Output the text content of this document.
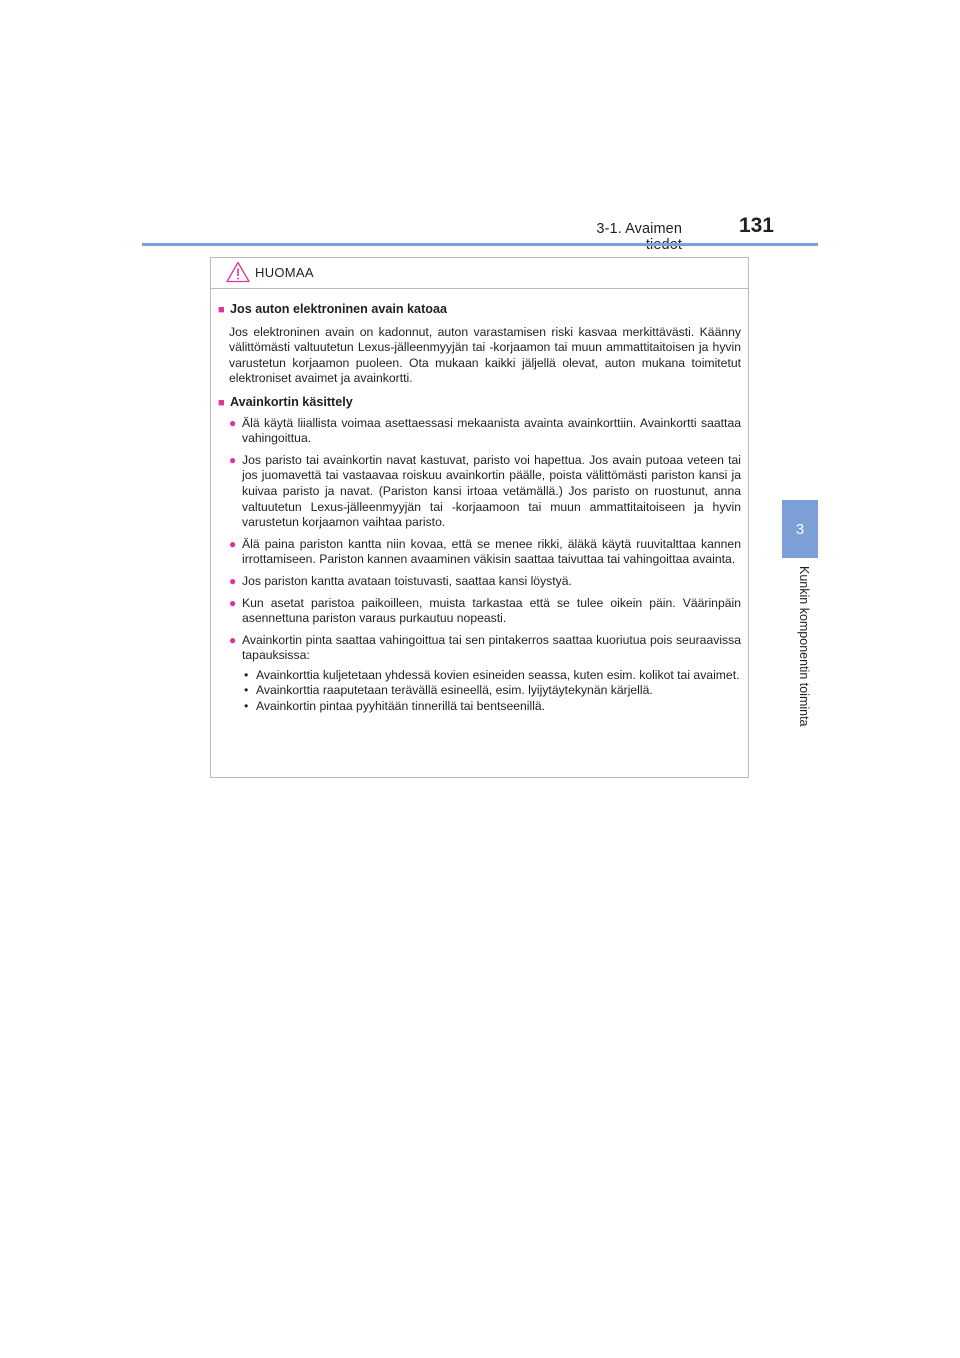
3-1. Avaimen	131
3
Kunkin komponentin toiminta
HUOMAA

■ Jos auton elektroninen avain katoaa

Jos elektroninen avain on kadonnut, auton varastamisen riski kasvaa merkittävästi. Käänny välittömästi valtuutetun Lexus-jälleenmyyjän tai -korjaamon tai muun ammattitaitoisen ja hyvin varustetun korjaamon puoleen. Ota mukaan kaikki jäljellä olevat, auton mukana toimitetut elektroniset avaimet ja avainkortti.

■ Avainkortin käsittely

● Älä käytä liiallista voimaa asettaessasi mekaanista avainta avainkorttiin. Avainkortti saattaa vahingoittua.
● Jos paristo tai avainkortin navat kastuvat, paristo voi hapettua. Jos avain putoaa veteen tai jos juomavettä tai vastaavaa roiskuu avainkortin päälle, poista välittömästi pariston kansi ja kuivaa paristo ja navat. (Pariston kansi irtoaa vetämällä.) Jos paristo on ruostunut, anna valtuutetun Lexus-jälleenmyyjän tai -korjaamoon tai muun ammattitaitoiseen ja hyvin varustetun korjaamon vaihtaa paristo.
● Älä paina pariston kantta niin kovaa, että se menee rikki, äläkä käytä ruuvitalttaa kannen irrottamiseen. Pariston kannen avaaminen väkisin saattaa taivuttaa tai vahingoittaa avainta.
● Jos pariston kantta avataan toistuvasti, saattaa kansi löystyä.
● Kun asetat paristoa paikoilleen, muista tarkastaa että se tulee oikein päin. Väärinpäin asennettuna pariston varaus purkautuu nopeasti.
● Avainkortin pinta saattaa vahingoittua tai sen pintakerros saattaa kuoriutua pois seuraavissa tapauksissa:
• Avainkorttia kuljetetaan yhdessä kovien esineiden seassa, kuten esim. kolikot tai avaimet.
• Avainkorttia raaputetaan terävällä esineellä, esim. lyijytäytekynän kärjellä.
• Avainkortin pintaa pyyhitään tinnerillä tai bentseenillä.
